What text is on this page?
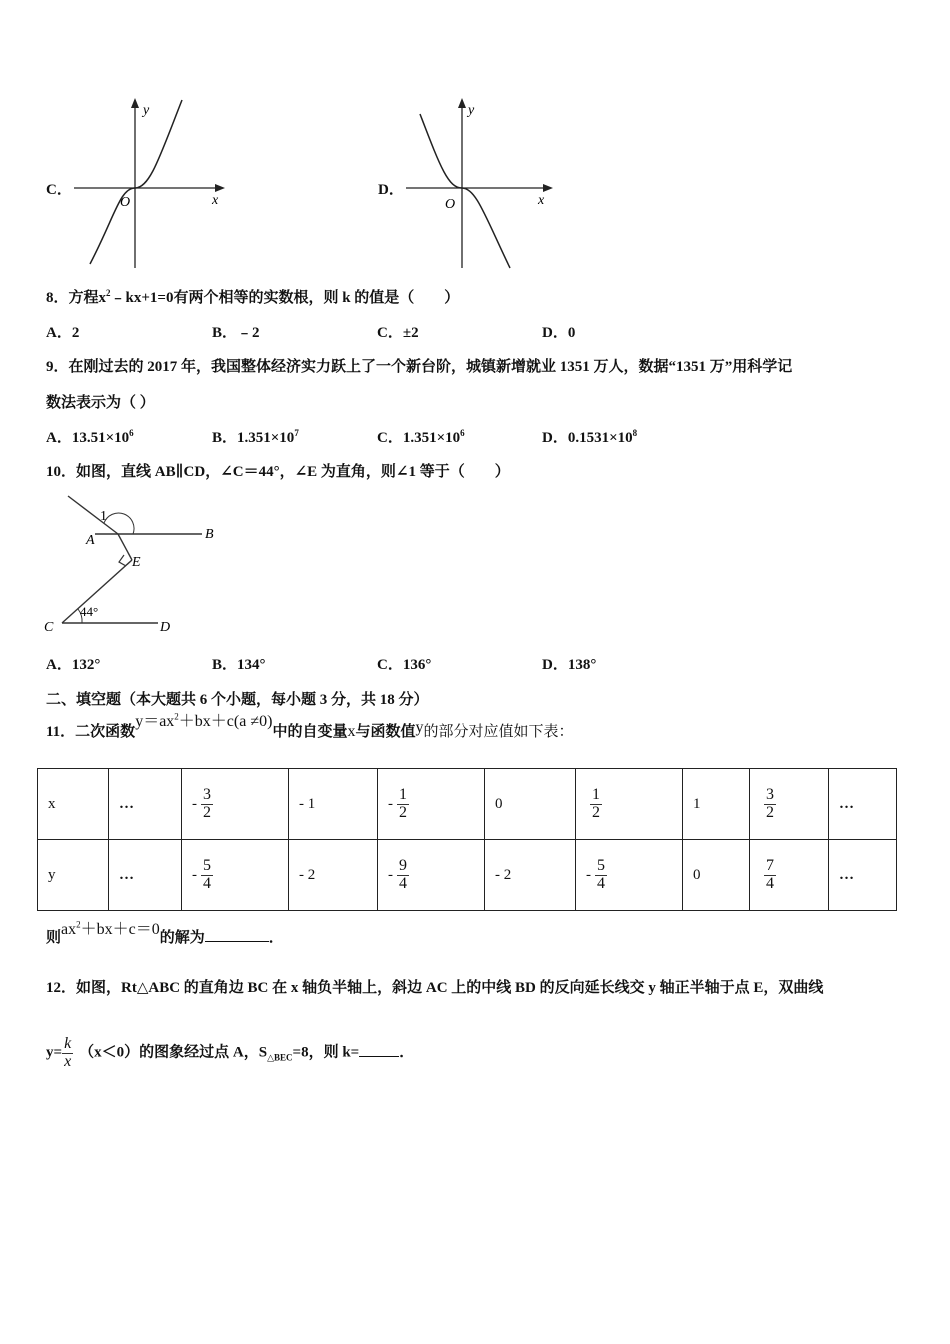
C．
y
x
O
D．
y
x
O
8．方程$x^2﹣kx+1=0$有两个相等的实数根，则 k 的值是（　　）
A．2	B．﹣2	C．±2	D．0
9．在刚过去的 2017 年，我国整体经济实力跃上了一个新台阶，城镇新增就业 1351 万人，数据“1351 万”用科学记
数法表示为（ ）
A．$13.51\times 10^6$	B．$1.351\times 10^7$	C．$1.351\times 10^6$	D．$0.1531\times 10^8$
10．如图，直线 AB∥CD，∠C＝44°，∠E 为直角，则∠1 等于（　　）
1
A	B
E
C	D
44°
A．132°	B．134°	C．136°	D．138°
二、填空题（本大题共 6 个小题，每小题 3 分，共 18 分）
11．二次函数$y=ax^2+bx+c(a \ne 0)$中的自变量x与函数值y的部分对应值如下表：
x	…	- $\frac{3}{2}$	- 1	- $\frac{1}{2}$	0	$\frac{1}{2}$	1	$\frac{3}{2}$	…
y	…	- $\frac{5}{4}$	- 2	- $\frac{9}{4}$	- 2	- $\frac{5}{4}$	0	$\frac{7}{4}$	…
则$ax^2+bx+c=0$的解为	．
12．如图，Rt△ABC 的直角边 BC 在 x 轴负半轴上，斜边 AC 上的中线 BD 的反向延长线交 y 轴正半轴于点 E，双曲线
$y= \frac{k}{x} (x<0)$的图象经过点 A，$S_{\triangle BEC}=8$，则 k=	．
